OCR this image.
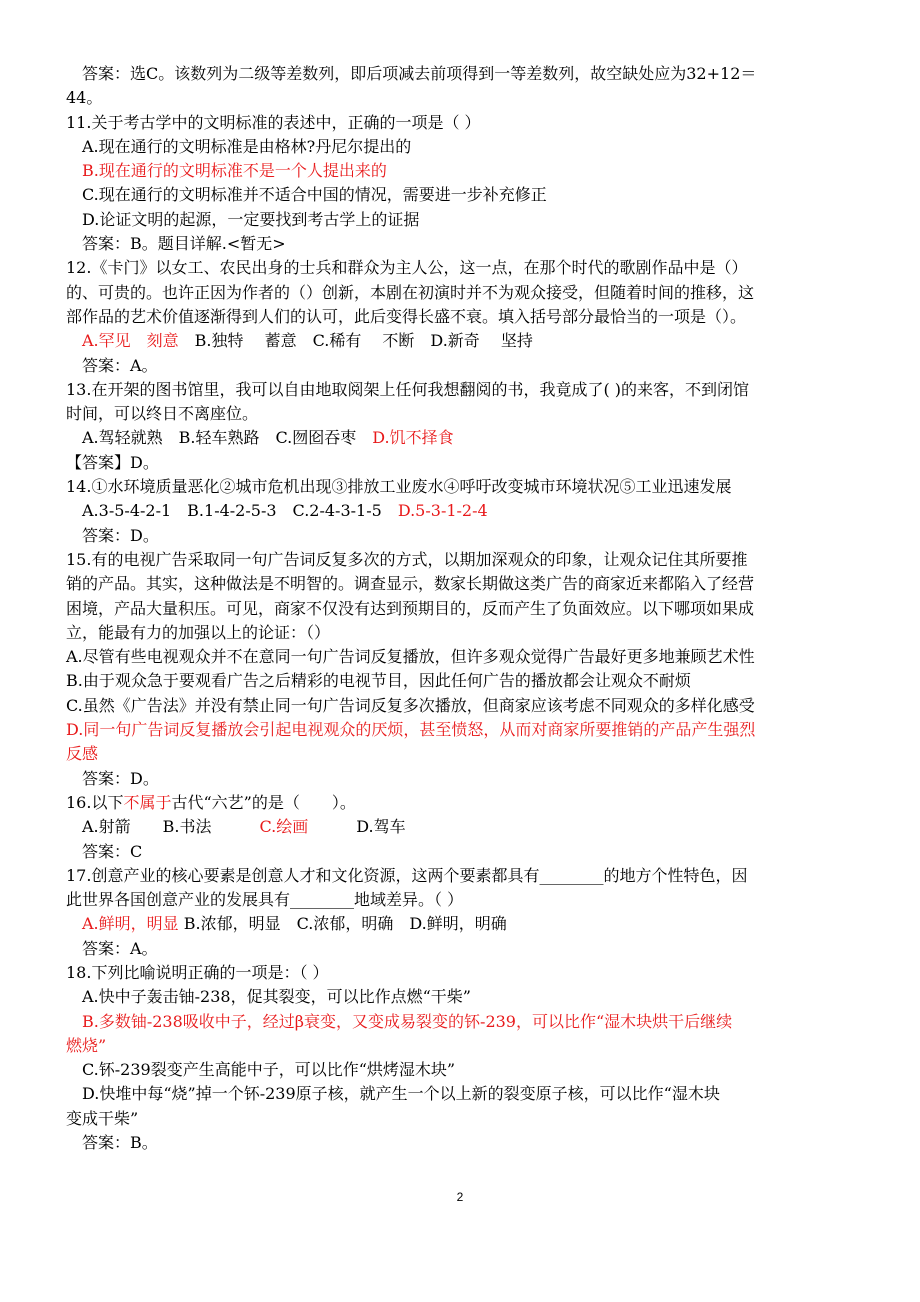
答案：选C。该数列为二级等差数列，即后项减去前项得到一等差数列，故空缺处应为32+12＝
44。
11.关于考古学中的文明标准的表述中，正确的一项是（ ）
A.现在通行的文明标准是由格林?丹尼尔提出的
B.现在通行的文明标准不是一个人提出来的
C.现在通行的文明标准并不适合中国的情况，需要进一步补充修正
D.论证文明的起源，一定要找到考古学上的证据
答案：B。题目详解.<暂无>
12.《卡门》以女工、农民出身的士兵和群众为主人公，这一点，在那个时代的歌剧作品中是（）
的、可贵的。也许正因为作者的（）创新，本剧在初演时并不为观众接受，但随着时间的推移，这
部作品的艺术价值逐渐得到人们的认可，此后变得长盛不衰。填入括号部分最恰当的一项是（）。
A.罕见　刻意　B.独特　 蓄意　C.稀有　 不断　D.新奇　 坚持
答案：A。
13.在开架的图书馆里，我可以自由地取阅架上任何我想翻阅的书，我竟成了( )的来客，不到闭馆
时间，可以终日不离座位。
A.驾轻就熟　B.轻车熟路　C.囫囵吞枣　D.饥不择食
【答案】D。
14.①水环境质量恶化②城市危机出现③排放工业废水④呼吁改变城市环境状况⑤工业迅速发展
A.3-5-4-2-1　B.1-4-2-5-3　C.2-4-3-1-5　D.5-3-1-2-4
答案：D。
15.有的电视广告采取同一句广告词反复多次的方式，以期加深观众的印象，让观众记住其所要推
销的产品。其实，这种做法是不明智的。调查显示，数家长期做这类广告的商家近来都陷入了经营
困境，产品大量积压。可见，商家不仅没有达到预期目的，反而产生了负面效应。以下哪项如果成
立，能最有力的加强以上的论证：（）
A.尽管有些电视观众并不在意同一句广告词反复播放，但许多观众觉得广告最好更多地兼顾艺术性
B.由于观众急于要观看广告之后精彩的电视节目，因此任何广告的播放都会让观众不耐烦
C.虽然《广告法》并没有禁止同一句广告词反复多次播放，但商家应该考虑不同观众的多样化感受
D.同一句广告词反复播放会引起电视观众的厌烦，甚至愤怒，从而对商家所要推销的产品产生强烈
反感
答案：D。
16.以下不属于古代“六艺”的是（　　）。
A.射箭　　B.书法　　　C.绘画　　　D.驾车
答案：C
17.创意产业的核心要素是创意人才和文化资源，这两个要素都具有________的地方个性特色，因
此世界各国创意产业的发展具有________地域差异。（ ）
A.鲜明，明显 B.浓郁，明显　C.浓郁，明确　D.鲜明，明确
答案：A。
18.下列比喻说明正确的一项是：（ ）
A.快中子轰击铀-238，促其裂变，可以比作点燃“干柴”
B.多数铀-238吸收中子，经过β衰变，又变成易裂变的钚-239，可以比作“湿木块烘干后继续
燃烧”
C.钚-239裂变产生高能中子，可以比作“烘烤湿木块”
D.快堆中每“烧”掉一个钚-239原子核，就产生一个以上新的裂变原子核，可以比作“湿木块
变成干柴”
答案：B。
2
